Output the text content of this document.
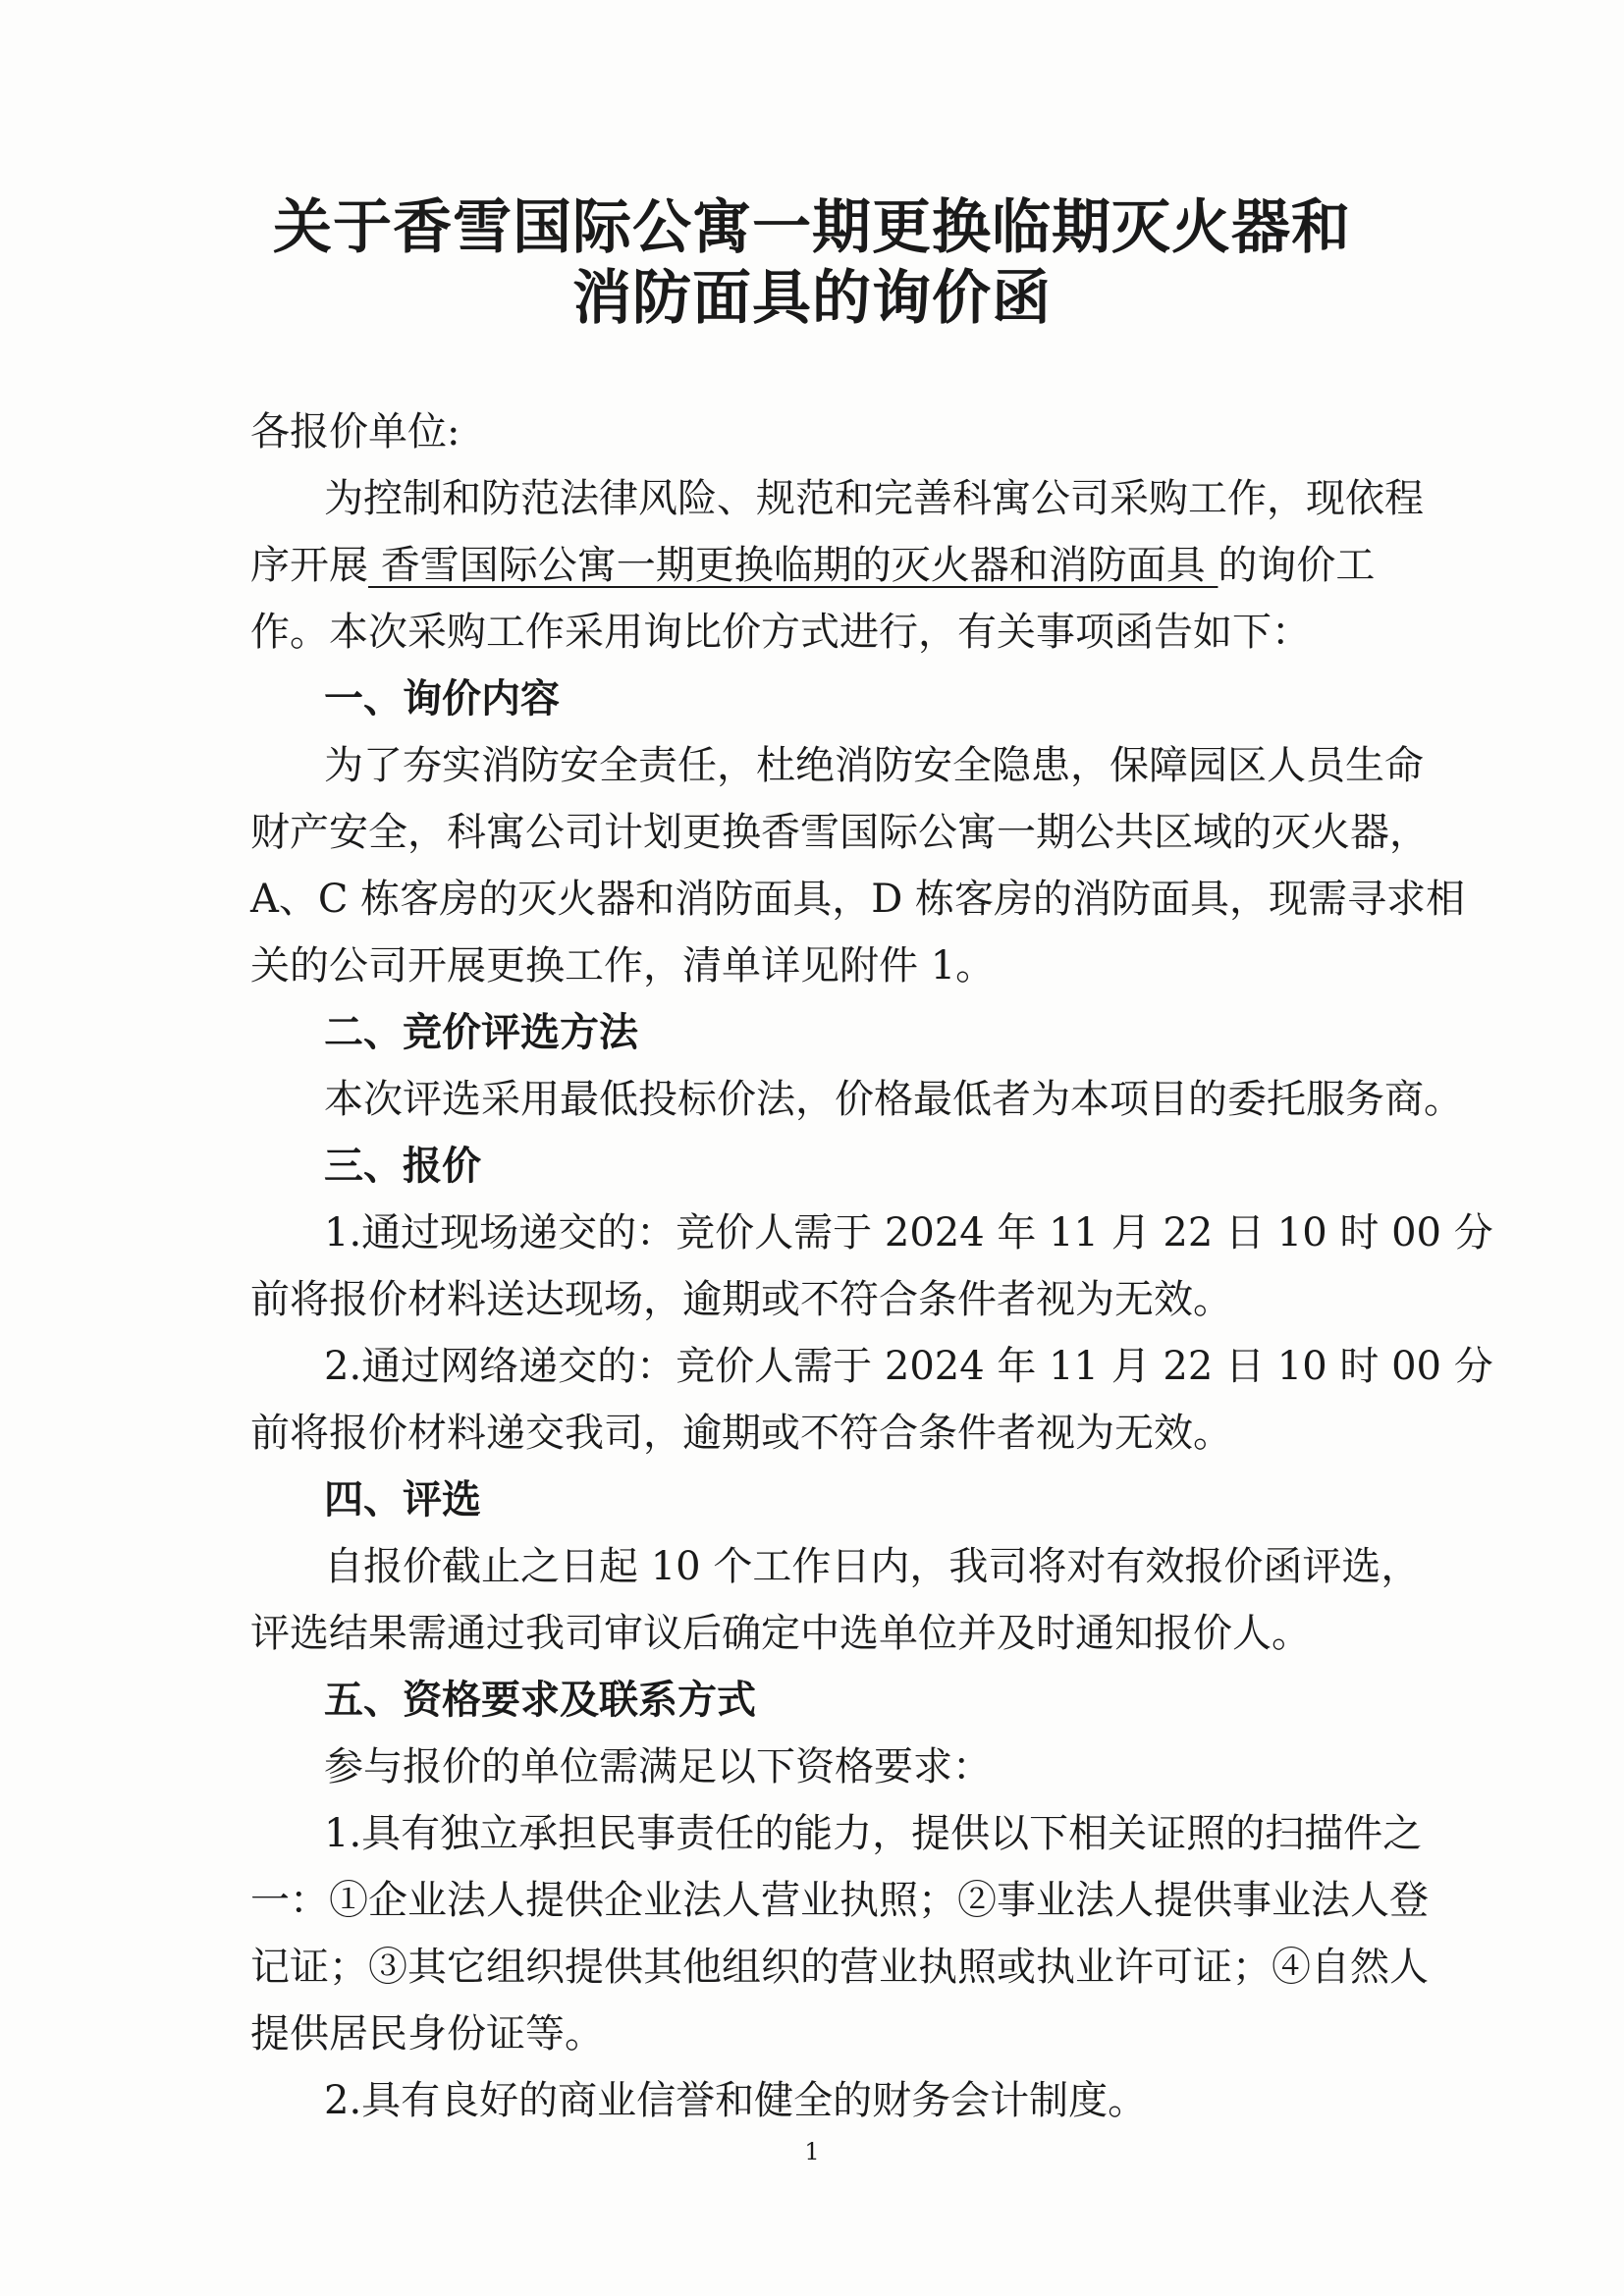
关于香雪国际公寓一期更换临期灭火器和
消防面具的询价函
各报价单位:
为控制和防范法律风险、规范和完善科寓公司采购工作，现依程
序开展 香雪国际公寓一期更换临期的灭火器和消防面具 的询价工
作。本次采购工作采用询比价方式进行，有关事项函告如下：
一、询价内容
为了夯实消防安全责任，杜绝消防安全隐患，保障园区人员生命
财产安全，科寓公司计划更换香雪国际公寓一期公共区域的灭火器，
A、C 栋客房的灭火器和消防面具，D 栋客房的消防面具，现需寻求相
关的公司开展更换工作，清单详见附件 1。
二、竞价评选方法
本次评选采用最低投标价法，价格最低者为本项目的委托服务商。
三、报价
1.通过现场递交的：竞价人需于 2024 年 11 月 22 日 10 时 00 分
前将报价材料送达现场，逾期或不符合条件者视为无效。
2.通过网络递交的：竞价人需于 2024 年 11 月 22 日 10 时 00 分
前将报价材料递交我司，逾期或不符合条件者视为无效。
四、评选
自报价截止之日起 10 个工作日内，我司将对有效报价函评选，
评选结果需通过我司审议后确定中选单位并及时通知报价人。
五、资格要求及联系方式
参与报价的单位需满足以下资格要求：
1.具有独立承担民事责任的能力，提供以下相关证照的扫描件之
一：①企业法人提供企业法人营业执照；②事业法人提供事业法人登
记证；③其它组织提供其他组织的营业执照或执业许可证；④自然人
提供居民身份证等。
2.具有良好的商业信誉和健全的财务会计制度。
1
